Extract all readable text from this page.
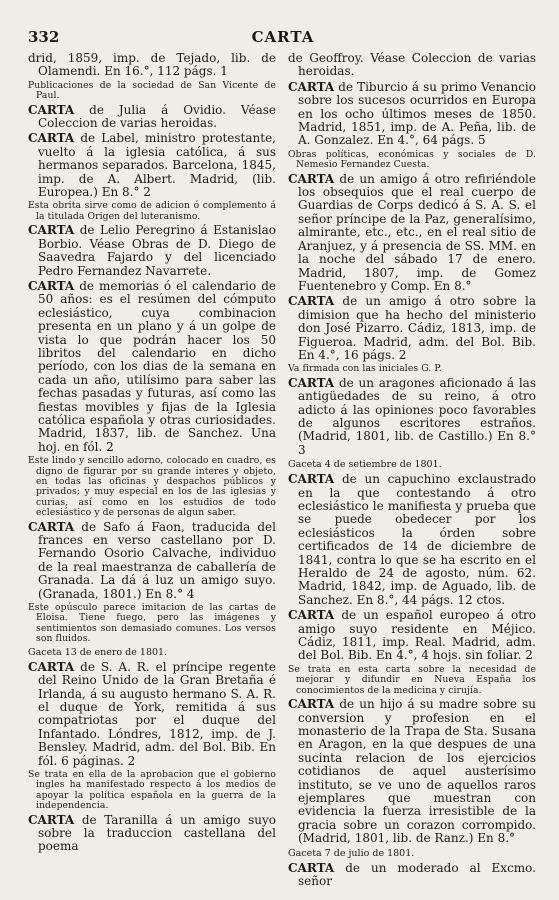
332	CARTA

drid, 1859, imp. de Tejado, lib. de Olamendi. En 16.°, 112 págs. 1

Publicaciones de la sociedad de San Vicente de Paul.

CARTA de Julia á Ovidio. Véase Coleccion de varias heroidas.

CARTA de Label, ministro protestante, vuelto á la iglesia católica, á sus hermanos separados. Barcelona, 1845, imp. de A. Albert. Madrid, (lib. Europea.) En 8.° 2

Esta obrita sirve como de adicion ó complemento á la titulada Origen del luteranismo.

CARTA de Lelio Peregrino á Estanislao Borbio. Véase Obras de D. Diego de Saavedra Fajardo y del licenciado Pedro Fernandez Navarrete.

CARTA de memorias ó el calendario de 50 años: es el resúmen del cómputo eclesiástico, cuya combinacion presenta en un plano y á un golpe de vista lo que podrán hacer los 50 libritos del calendario en dicho período, con los dias de la semana en cada un año, utilísimo para saber las fechas pasadas y futuras, así como las fiestas movibles y fijas de la Iglesia católica española y otras curiosidades. Madrid, 1837, lib. de Sanchez. Una hoj. en fól. 2

Este lindo y sencillo adorno, colocado en cuadro, es digno de figurar por su grande interes y objeto, en todas las oficinas y despachos públicos y privados; y muy especial en los de las iglesias y curias, así como en los estudios de todo eclesiástico y de personas de algun saber.

CARTA de Safo á Faon, traducida del frances en verso castellano por D. Fernando Osorio Calvache, individuo de la real maestranza de caballería de Granada. La dá á luz un amigo suyo. (Granada, 1801.) En 8.° 4

Este opúsculo parece imitacion de las cartas de Eloisa. Tiene fuego, pero las imágenes y sentimientos son demasiado comunes. Los versos son fluidos.

Gaceta 13 de enero de 1801.

CARTA de S. A. R. el príncipe regente del Reino Unido de la Gran Bretaña é Irlanda, á su augusto hermano S. A. R. el duque de York, remitida á sus compatriotas por el duque del Infantado. Lóndres, 1812, imp. de J. Bensley. Madrid, adm. del Bol. Bib. En fól. 6 páginas. 2

Se trata en ella de la aprobacion que el gobierno ingles ha manifestado respecto á los medios de apoyar la política española en la guerra de la independencia.

CARTA de Taranilla á un amigo suyo sobre la traduccion castellana del poema

de Geoffroy. Véase Coleccion de varias heroidas.

CARTA de Tiburcio á su primo Venancio sobre los sucesos ocurridos en Europa en los ocho últimos meses de 1850. Madrid, 1851, imp. de A. Peña, lib. de A. Gonzalez. En 4.°, 64 págs. 5

Obras políticas, económicas y sociales de D. Nemesio Fernandez Cuesta.

CARTA de un amigo á otro refiriéndole los obsequios que el real cuerpo de Guardias de Corps dedicó á S. A. S. el señor príncipe de la Paz, generalísimo, almirante, etc., etc., en el real sitio de Aranjuez, y á presencia de SS. MM. en la noche del sábado 17 de enero. Madrid, 1807, imp. de Gomez Fuentenebro y Comp. En 8.°

CARTA de un amigo á otro sobre la dimision que ha hecho del ministerio don José Pizarro. Cádiz, 1813, imp. de Figueroa. Madrid, adm. del Bol. Bib. En 4.°, 16 págs. 2

Va firmada con las iniciales G. P.

CARTA de un aragones aficionado á las antigüedades de su reino, á otro adicto á las opiniones poco favorables de algunos escritores estraños. (Madrid, 1801, lib. de Castillo.) En 8.° 3

Gaceta 4 de setiembre de 1801.

CARTA de un capuchino exclaustrado en la que contestando á otro eclesiástico le manifiesta y prueba que se puede obedecer por los eclesiásticos la órden sobre certificados de 14 de diciembre de 1841, contra lo que se ha escrito en el Heraldo de 24 de agosto, núm. 62. Madrid, 1842, imp. de Aguado, lib. de Sanchez. En 8.°, 44 págs. 12 ctos.

CARTA de un español europeo á otro amigo suyo residente en Méjico. Cádiz, 1811, imp. Real. Madrid, adm. del Bol. Bib. En 4.°, 4 hojs. sin foliar. 2

Se trata en esta carta sobre la necesidad de mejorar y difundir en Nueva España los conocimientos de la medicina y cirujía.

CARTA de un hijo á su madre sobre su conversion y profesion en el monasterio de la Trapa de Sta. Susana en Aragon, en la que despues de una sucinta relacion de los ejercicios cotidianos de aquel austerísimo instituto, se ve uno de aquellos raros ejemplares que muestran con evidencia la fuerza irresistible de la gracia sobre un corazon corrompido. (Madrid, 1801, lib. de Ranz.) En 8.°

Gaceta 7 de julio de 1801.

CARTA de un moderado al Excmo. señor
